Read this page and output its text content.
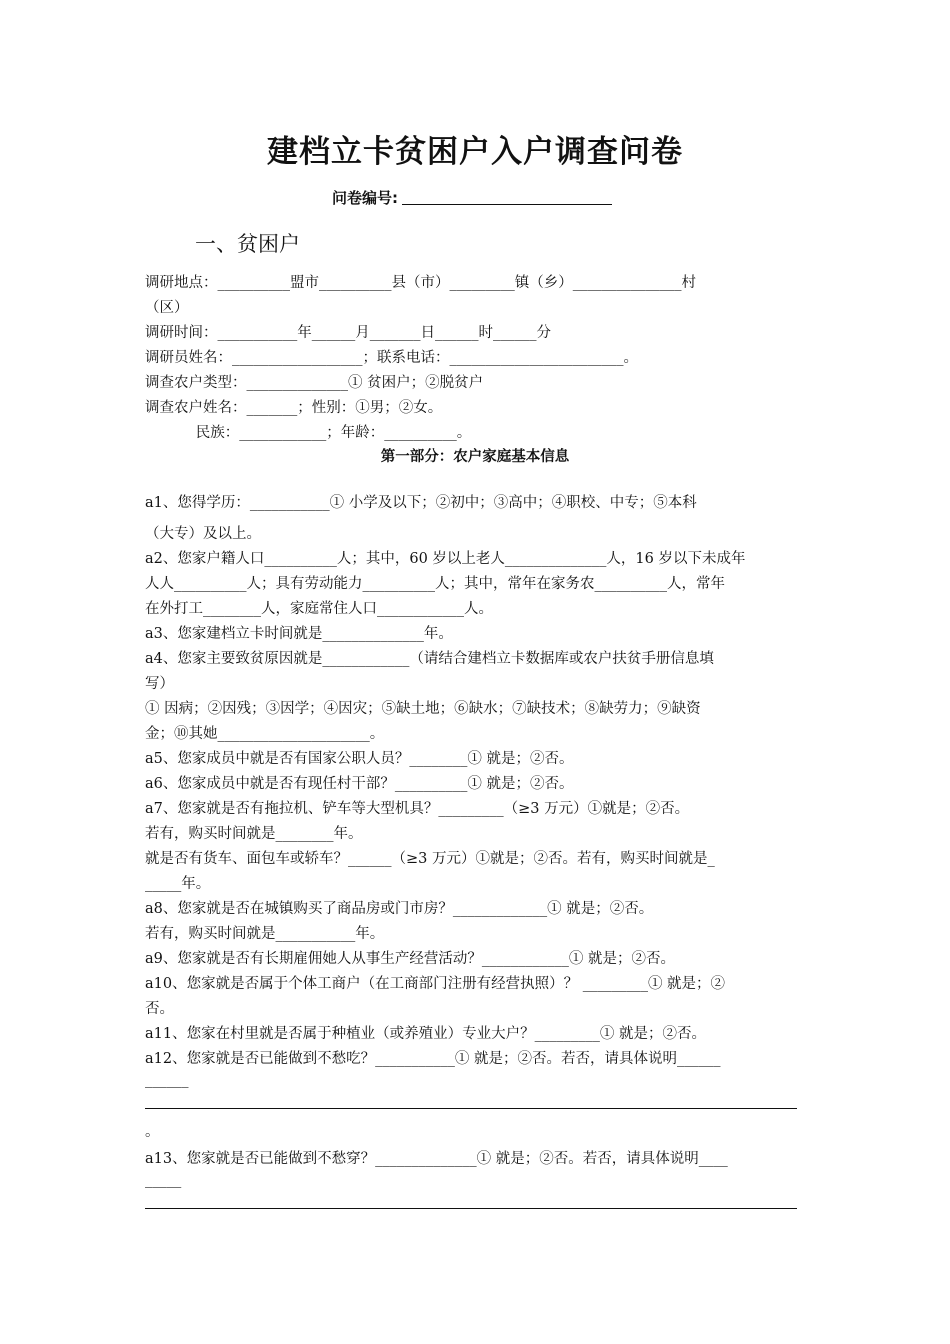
建档立卡贫困户入户调查问卷
问卷编号:
一、贫困户
调研地点：__________盟市__________县（市）_________镇（乡）_______________村
（区）
调研时间：___________年______月_______日______时______分
调研员姓名：__________________；联系电话：________________________。
调查农户类型：______________① 贫困户；②脱贫户
调查农户姓名：_______；性别：①男；②女。
民族：____________；年龄：__________。
第一部分：农户家庭基本信息
a1、您得学历：___________① 小学及以下；②初中；③高中；④职校、中专；⑤本科
（大专）及以上。
a2、您家户籍人口__________人；其中，60 岁以上老人______________人，16 岁以下未成年
人人__________人；具有劳动能力__________人；其中，常年在家务农__________人，常年
在外打工________人，家庭常住人口____________人。
a3、您家建档立卡时间就是______________年。
a4、您家主要致贫原因就是____________（请结合建档立卡数据库或农户扶贫手册信息填
写）
① 因病；②因残；③因学；④因灾；⑤缺土地；⑥缺水；⑦缺技术；⑧缺劳力；⑨缺资
金；⑩其她_____________________。
a5、您家成员中就是否有国家公职人员？________① 就是；②否。
a6、您家成员中就是否有现任村干部？__________① 就是；②否。
a7、您家就是否有拖拉机、铲车等大型机具？_________（≥3 万元）①就是；②否。
若有，购买时间就是________年。
就是否有货车、面包车或轿车？______（≥3 万元）①就是；②否。若有，购买时间就是_
_____年。
a8、您家就是否在城镇购买了商品房或门市房？_____________① 就是；②否。
若有，购买时间就是___________年。
a9、您家就是否有长期雇佣她人从事生产经营活动？____________① 就是；②否。
a10、您家就是否属于个体工商户（在工商部门注册有经营执照）？ _________① 就是；②
否。
a11、您家在村里就是否属于种植业（或养殖业）专业大户？_________① 就是；②否。
a12、您家就是否已能做到不愁吃？___________① 就是；②否。若否，请具体说明______
______
。
a13、您家就是否已能做到不愁穿？______________① 就是；②否。若否，请具体说明____
_____
